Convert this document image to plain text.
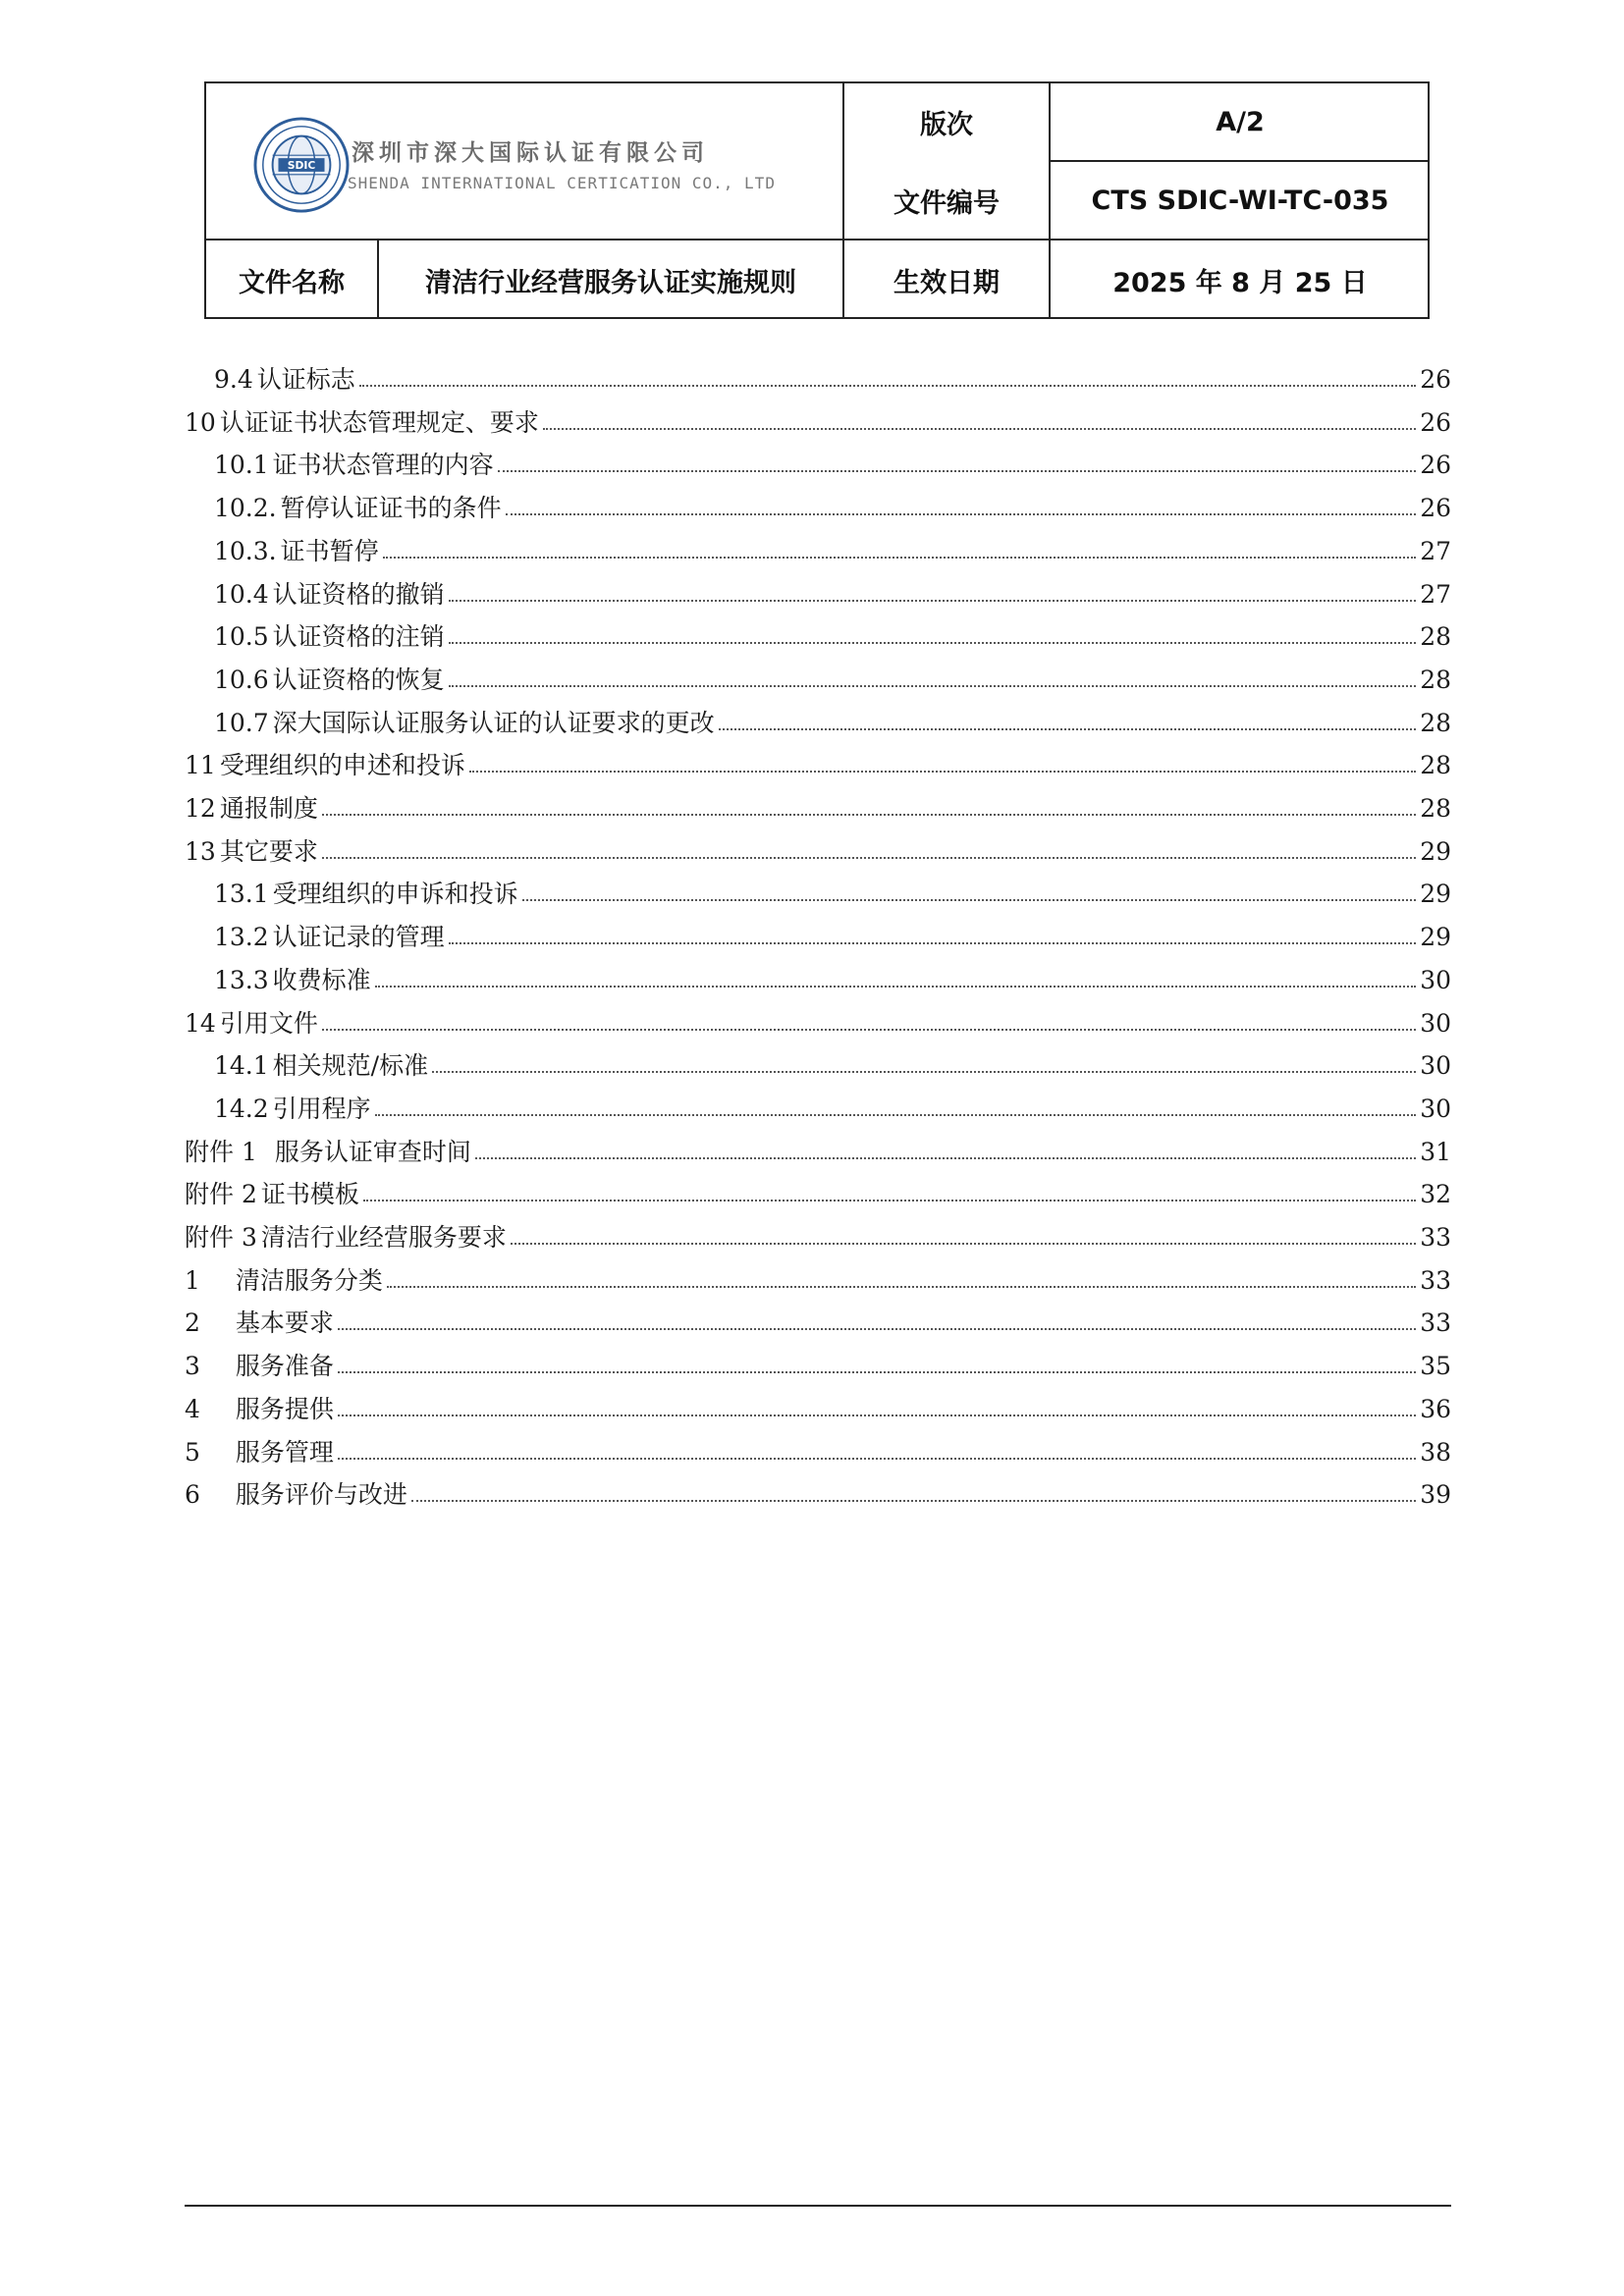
SDIC 深圳市深大国际认证有限公司
SHENDA INTERNATIONAL CERTICATION CO., LTD
版次	A/2
文件编号	CTS SDIC-WI-TC-035
文件名称	清洁行业经营服务认证实施规则	生效日期	2025 年 8 月 25 日
9.4 认证标志	26
10 认证证书状态管理规定、要求	26
10.1 证书状态管理的内容	26
10.2. 暂停认证证书的条件	26
10.3. 证书暂停	27
10.4 认证资格的撤销	27
10.5 认证资格的注销	28
10.6 认证资格的恢复	28
10.7 深大国际认证服务认证的认证要求的更改	28
11 受理组织的申述和投诉	28
12 通报制度	28
13 其它要求	29
13.1 受理组织的申诉和投诉	29
13.2 认证记录的管理	29
13.3 收费标准	30
14 引用文件	30
14.1 相关规范/标准	30
14.2 引用程序	30
附件 1 服务认证审查时间	31
附件 2 证书模板	32
附件 3 清洁行业经营服务要求	33
1 清洁服务分类	33
2 基本要求	33
3 服务准备	35
4 服务提供	36
5 服务管理	38
6 服务评价与改进	39
